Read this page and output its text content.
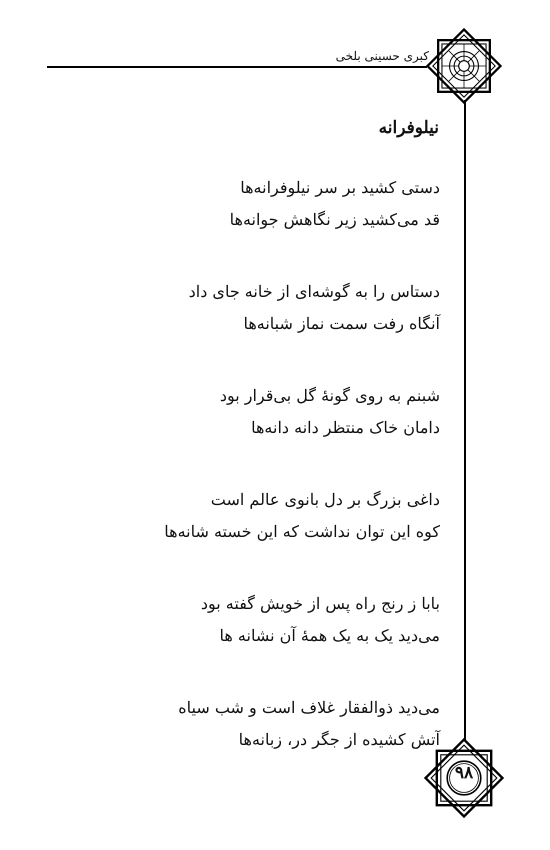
کبری حسینی بلخی
نیلوفرانه
دستی کشید بر سر نیلوفرانه‌ها
قد می‌کشید زیر نگاهش جوانه‌ها
دستاس را به گوشه‌ای از خانه جای داد
آنگاه رفت سمت نماز شبانه‌ها
شبنم به روی گونهٔ گل بی‌قرار بود
دامان خاک منتظر دانه دانه‌ها
داغی بزرگ بر دل بانوی عالم است
کوه این توان نداشت که این خسته شانه‌ها
بابا ز رنج راه پس از خویش گفته بود
می‌دید یک به یک همهٔ آن نشانه ها
می‌دید ذوالفقار غلاف است و شب سیاه
آتش کشیده از جگر در، زبانه‌ها
۹۸
